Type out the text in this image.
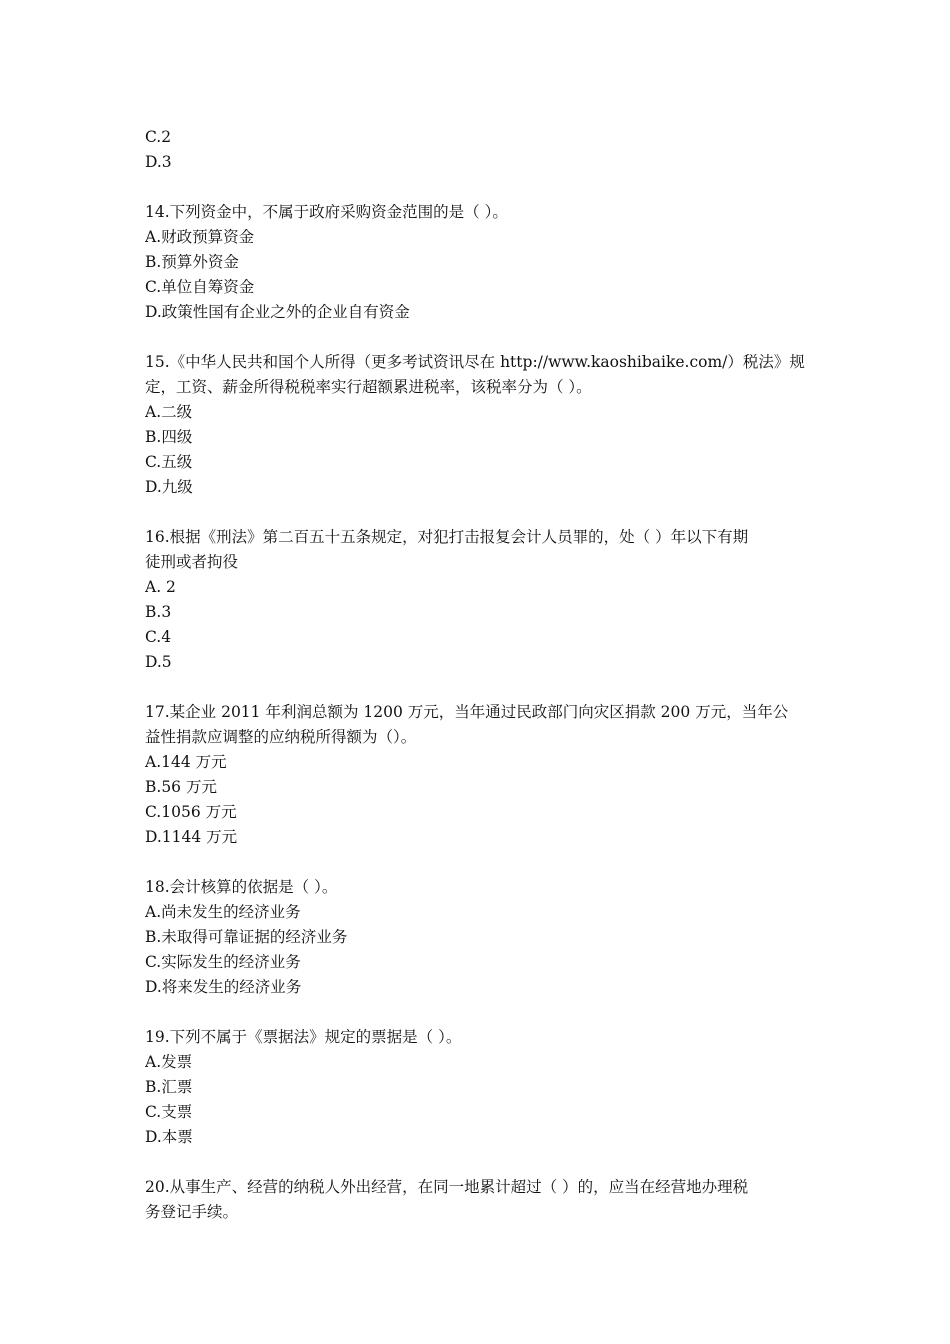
C.2
D.3
14.下列资金中，不属于政府采购资金范围的是（ ）。
A.财政预算资金
B.预算外资金
C.单位自筹资金
D.政策性国有企业之外的企业自有资金
15.《中华人民共和国个人所得（更多考试资讯尽在 http://www.kaoshibaike.com/）税法》规
定，工资、薪金所得税税率实行超额累进税率，该税率分为（ ）。
A.二级
B.四级
C.五级
D.九级
16.根据《刑法》第二百五十五条规定，对犯打击报复会计人员罪的，处（ ）年以下有期
徒刑或者拘役
A. 2
B.3
C.4
D.5
17.某企业 2011 年利润总额为 1200 万元，当年通过民政部门向灾区捐款 200 万元，当年公
益性捐款应调整的应纳税所得额为（）。
A.144 万元
B.56 万元
C.1056 万元
D.1144 万元
18.会计核算的依据是（ ）。
A.尚未发生的经济业务
B.未取得可靠证据的经济业务
C.实际发生的经济业务
D.将来发生的经济业务
19.下列不属于《票据法》规定的票据是（ ）。
A.发票
B.汇票
C.支票
D.本票
20.从事生产、经营的纳税人外出经营，在同一地累计超过（ ）的，应当在经营地办理税
务登记手续。
